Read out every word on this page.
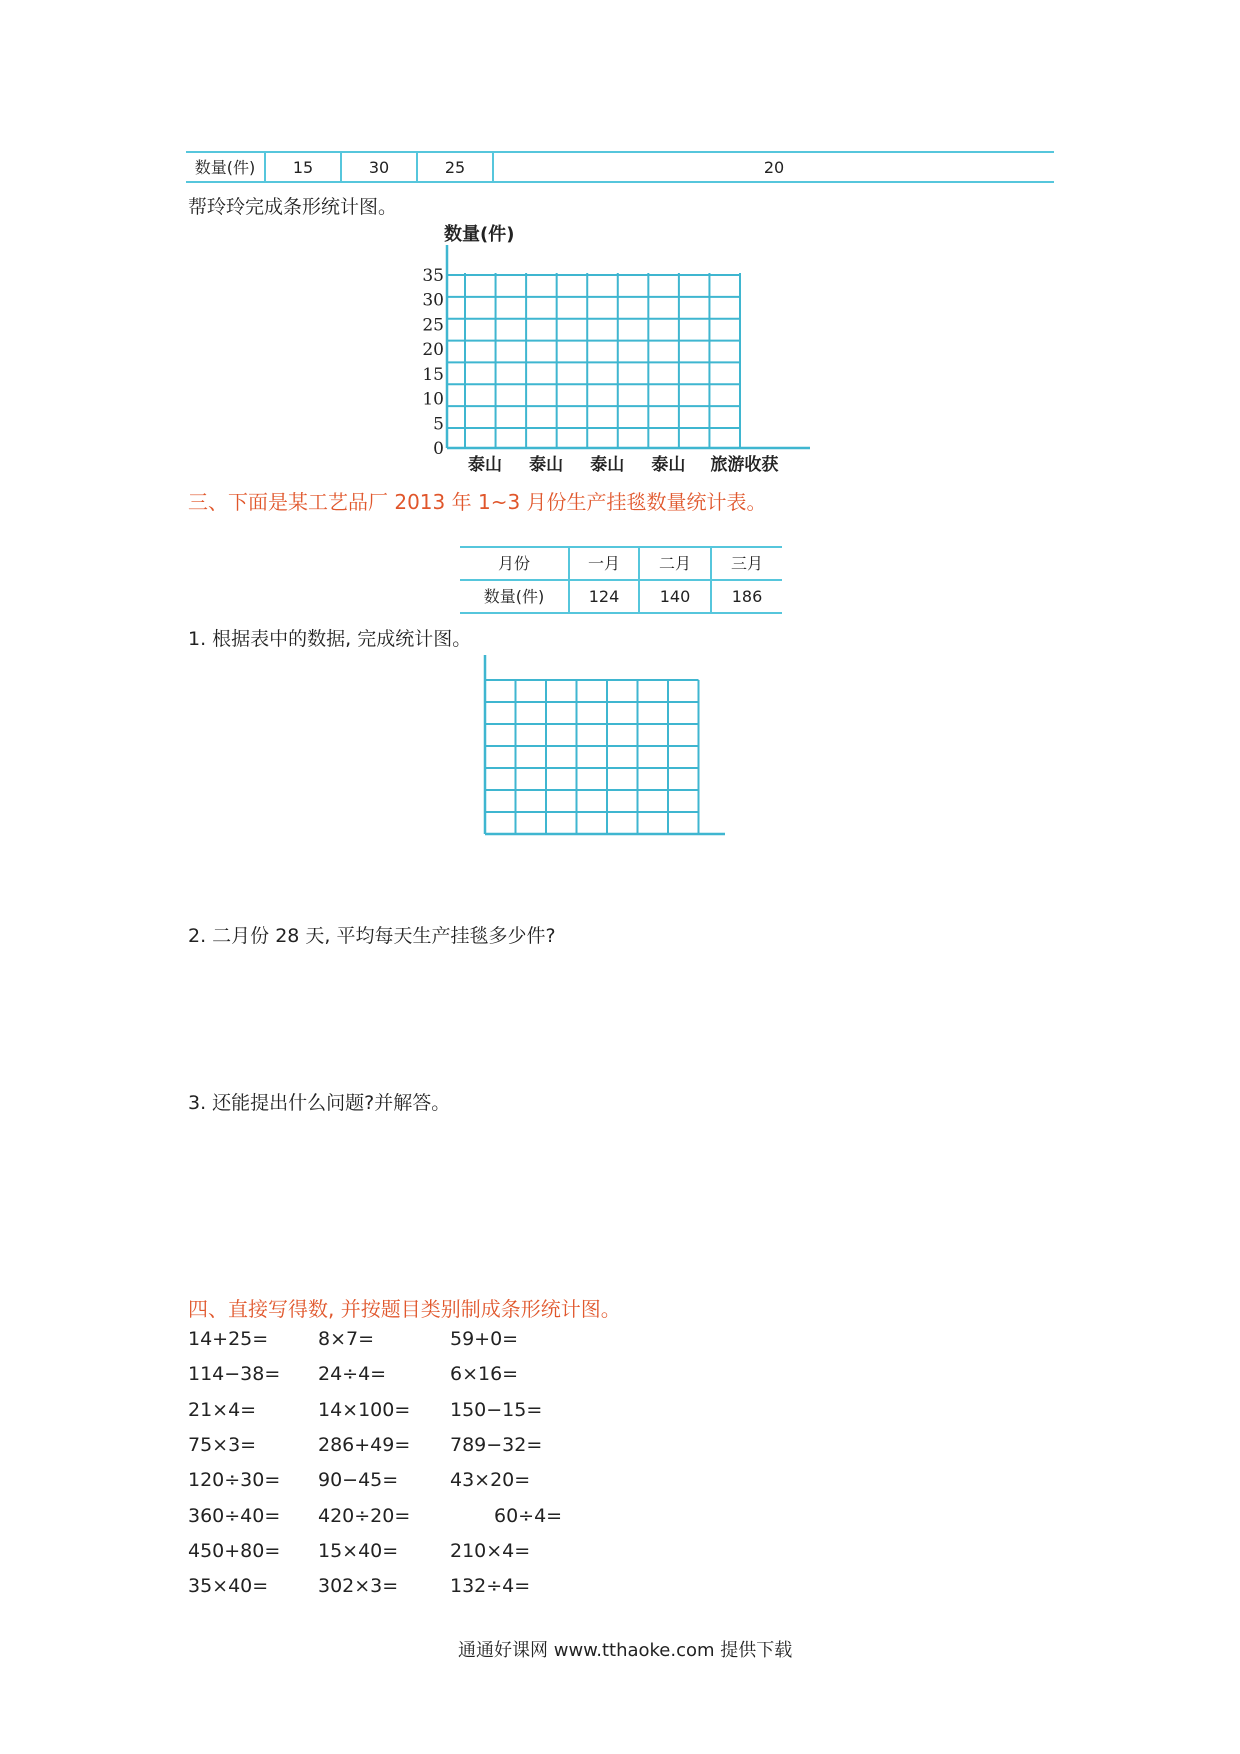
数量(件)	15	30	25	20
帮玲玲完成条形统计图。
数量(件)
35
30
25
20
15
10
5
0
泰山 泰山 泰山 泰山 旅游收获
三、下面是某工艺品厂 2013 年 1~3 月份生产挂毯数量统计表。
月份	一月	二月	三月
数量(件)	124	140	186
1. 根据表中的数据, 完成统计图。
2. 二月份 28 天, 平均每天生产挂毯多少件?
3. 还能提出什么问题?并解答。
四、直接写得数, 并按题目类别制成条形统计图。
14+25=	8×7=	59+0=
114−38= 24÷4=	6×16=
21×4=	14×100= 150−15=
75×3=	286+49= 789−32=
120÷30= 90−45=	43×20=
360÷40= 420÷20=	60÷4=
450+80= 15×40=	210×4=
35×40=	302×3=	132÷4=
通通好课网 www.tthaoke.com 提供下载
